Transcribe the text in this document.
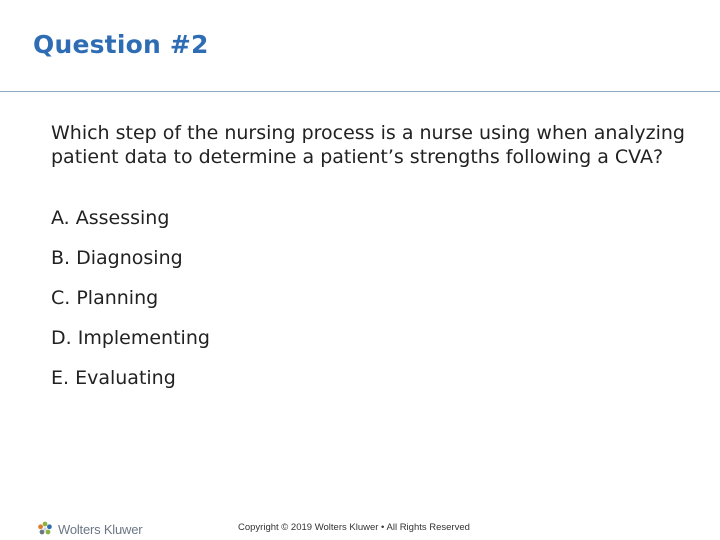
Question #2
Which step of the nursing process is a nurse using when analyzing patient data to determine a patient’s strengths following a CVA?
A. Assessing
B. Diagnosing
C. Planning
D. Implementing
E. Evaluating
Wolters Kluwer	Copyright © 2019 Wolters Kluwer • All Rights Reserved
